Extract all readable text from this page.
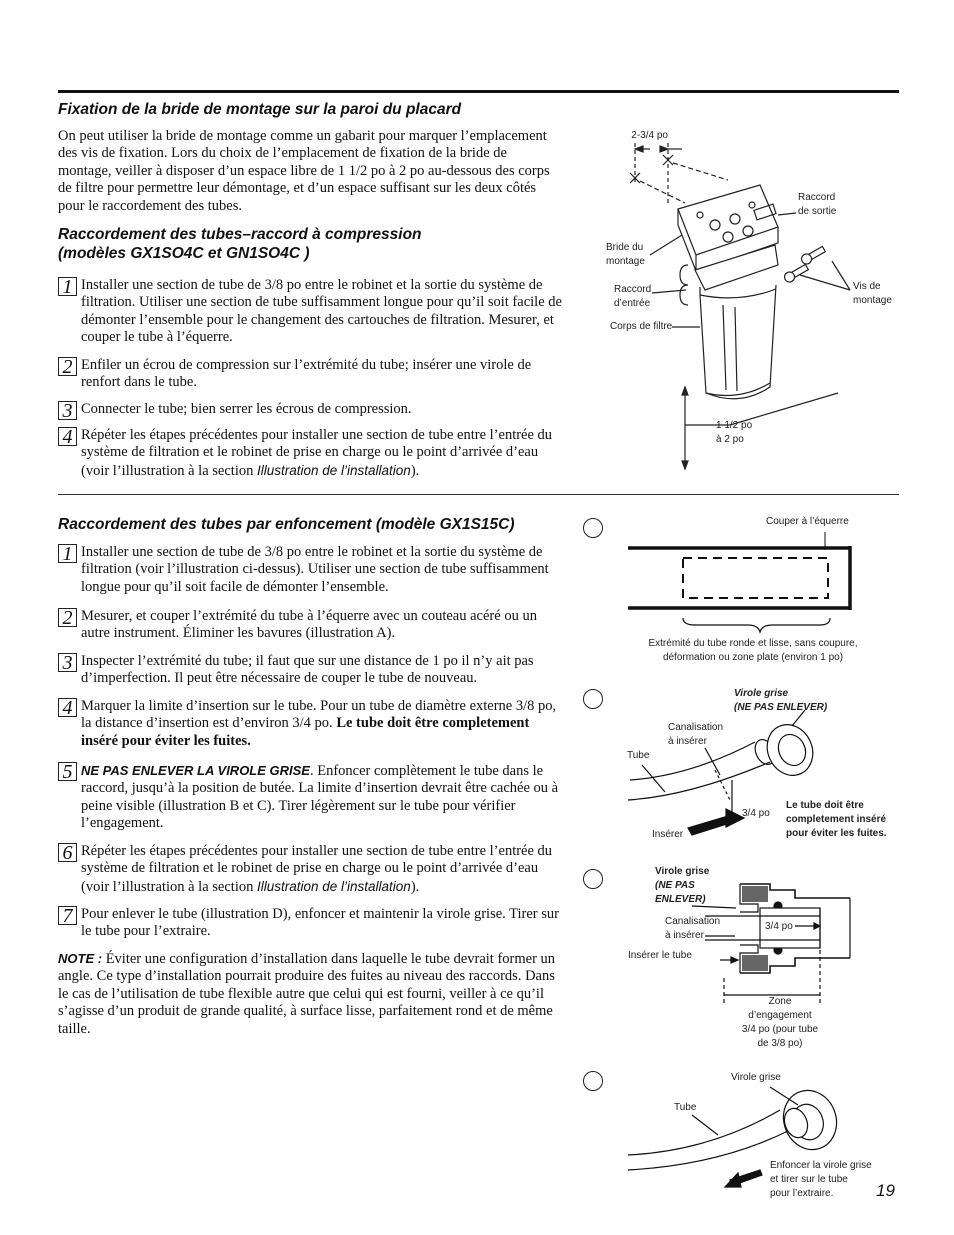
Fixation de la bride de montage sur la paroi du placard

On peut utiliser la bride de montage comme un gabarit pour marquer l’emplacement des vis de fixation. Lors du choix de l’emplacement de fixation de la bride de montage, veiller à disposer d’un espace libre de 1 1/2 po à 2 po au-dessous des corps de filtre pour permettre leur démontage, et d’un espace suffisant sur les deux côtés pour le raccordement des tubes.

Raccordement des tubes–raccord à compression
(modèles GX1SO4C et GN1SO4C )
1 Installer une section de tube de 3/8 po entre le robinet et la sortie du système de filtration. Utiliser une section de tube suffisamment longue pour qu’il soit facile de démonter l’ensemble pour le changement des cartouches de filtration. Mesurer, et couper le tube à l’équerre.
2 Enfiler un écrou de compression sur l’extrémité du tube; insérer une virole de renfort dans le tube.
3 Connecter le tube; bien serrer les écrous de compression.
4 Répéter les étapes précédentes pour installer une section de tube entre l’entrée du système de filtration et le robinet de prise en charge ou le point d’arrivée d’eau (voir l’illustration à la section Illustration de l’installation).
2-3/4 po
Raccord
de sortie
Bride du
montage
Vis de
montage
Raccord
d’entrée
Corps de filtre
1 1/2 po
à 2 po
Raccordement des tubes par enfoncement (modèle GX1S15C)
1 Installer une section de tube de 3/8 po entre le robinet et la sortie du système de filtration (voir l’illustration ci-dessus). Utiliser une section de tube suffisamment longue pour qu’il soit facile de démonter l’ensemble.
2 Mesurer, et couper l’extrémité du tube à l’équerre avec un couteau acéré ou un autre instrument. Éliminer les bavures (illustration A).
3 Inspecter l’extrémité du tube; il faut que sur une distance de 1 po il n’y ait pas d’imperfection. Il peut être nécessaire de couper le tube de nouveau.
4 Marquer la limite d’insertion sur le tube. Pour un tube de diamètre externe 3/8 po, la distance d’insertion est d’environ 3/4 po. Le tube doit être completement inséré pour éviter les fuites.
5 NE PAS ENLEVER LA VIROLE GRISE. Enfoncer complètement le tube dans le raccord, jusqu’à la position de butée. La limite d’insertion devrait être cachée ou à peine visible (illustration B et C). Tirer légèrement sur le tube pour vérifier l’engagement.
6 Répéter les étapes précédentes pour installer une section de tube entre l’entrée du système de filtration et le robinet de prise en charge ou le point d’arrivée d’eau (voir l’illustration à la section Illustration de l’installation).
7 Pour enlever le tube (illustration D), enfoncer et maintenir la virole grise. Tirer sur le tube pour l’extraire.

NOTE : Éviter une configuration d’installation dans laquelle le tube devrait former un angle. Ce type d’installation pourrait produire des fuites au niveau des raccords. Dans le cas de l’utilisation de tube flexible autre que celui qui est fourni, veiller à ce qu’il s’agisse d’un produit de grande qualité, à surface lisse, parfaitement rond et de même taille.

Couper à l’équerre
Extrémité du tube ronde et lisse, sans coupure,
déformation ou zone plate (environ 1 po)
Virole grise
(NE PAS ENLEVER)
Canalisation
à insérer
Tube
3/4 po
Le tube doit être
completement inséré
pour éviter les fuites.
Insérer
Virole grise
(NE PAS
ENLEVER)
Canalisation
à insérer
3/4 po
Insérer le tube
Zone
d’engagement
3/4 po (pour tube
de 3/8 po)
Virole grise
Tube
Enfoncer la virole grise
et tirer sur le tube
pour l’extraire.	19
